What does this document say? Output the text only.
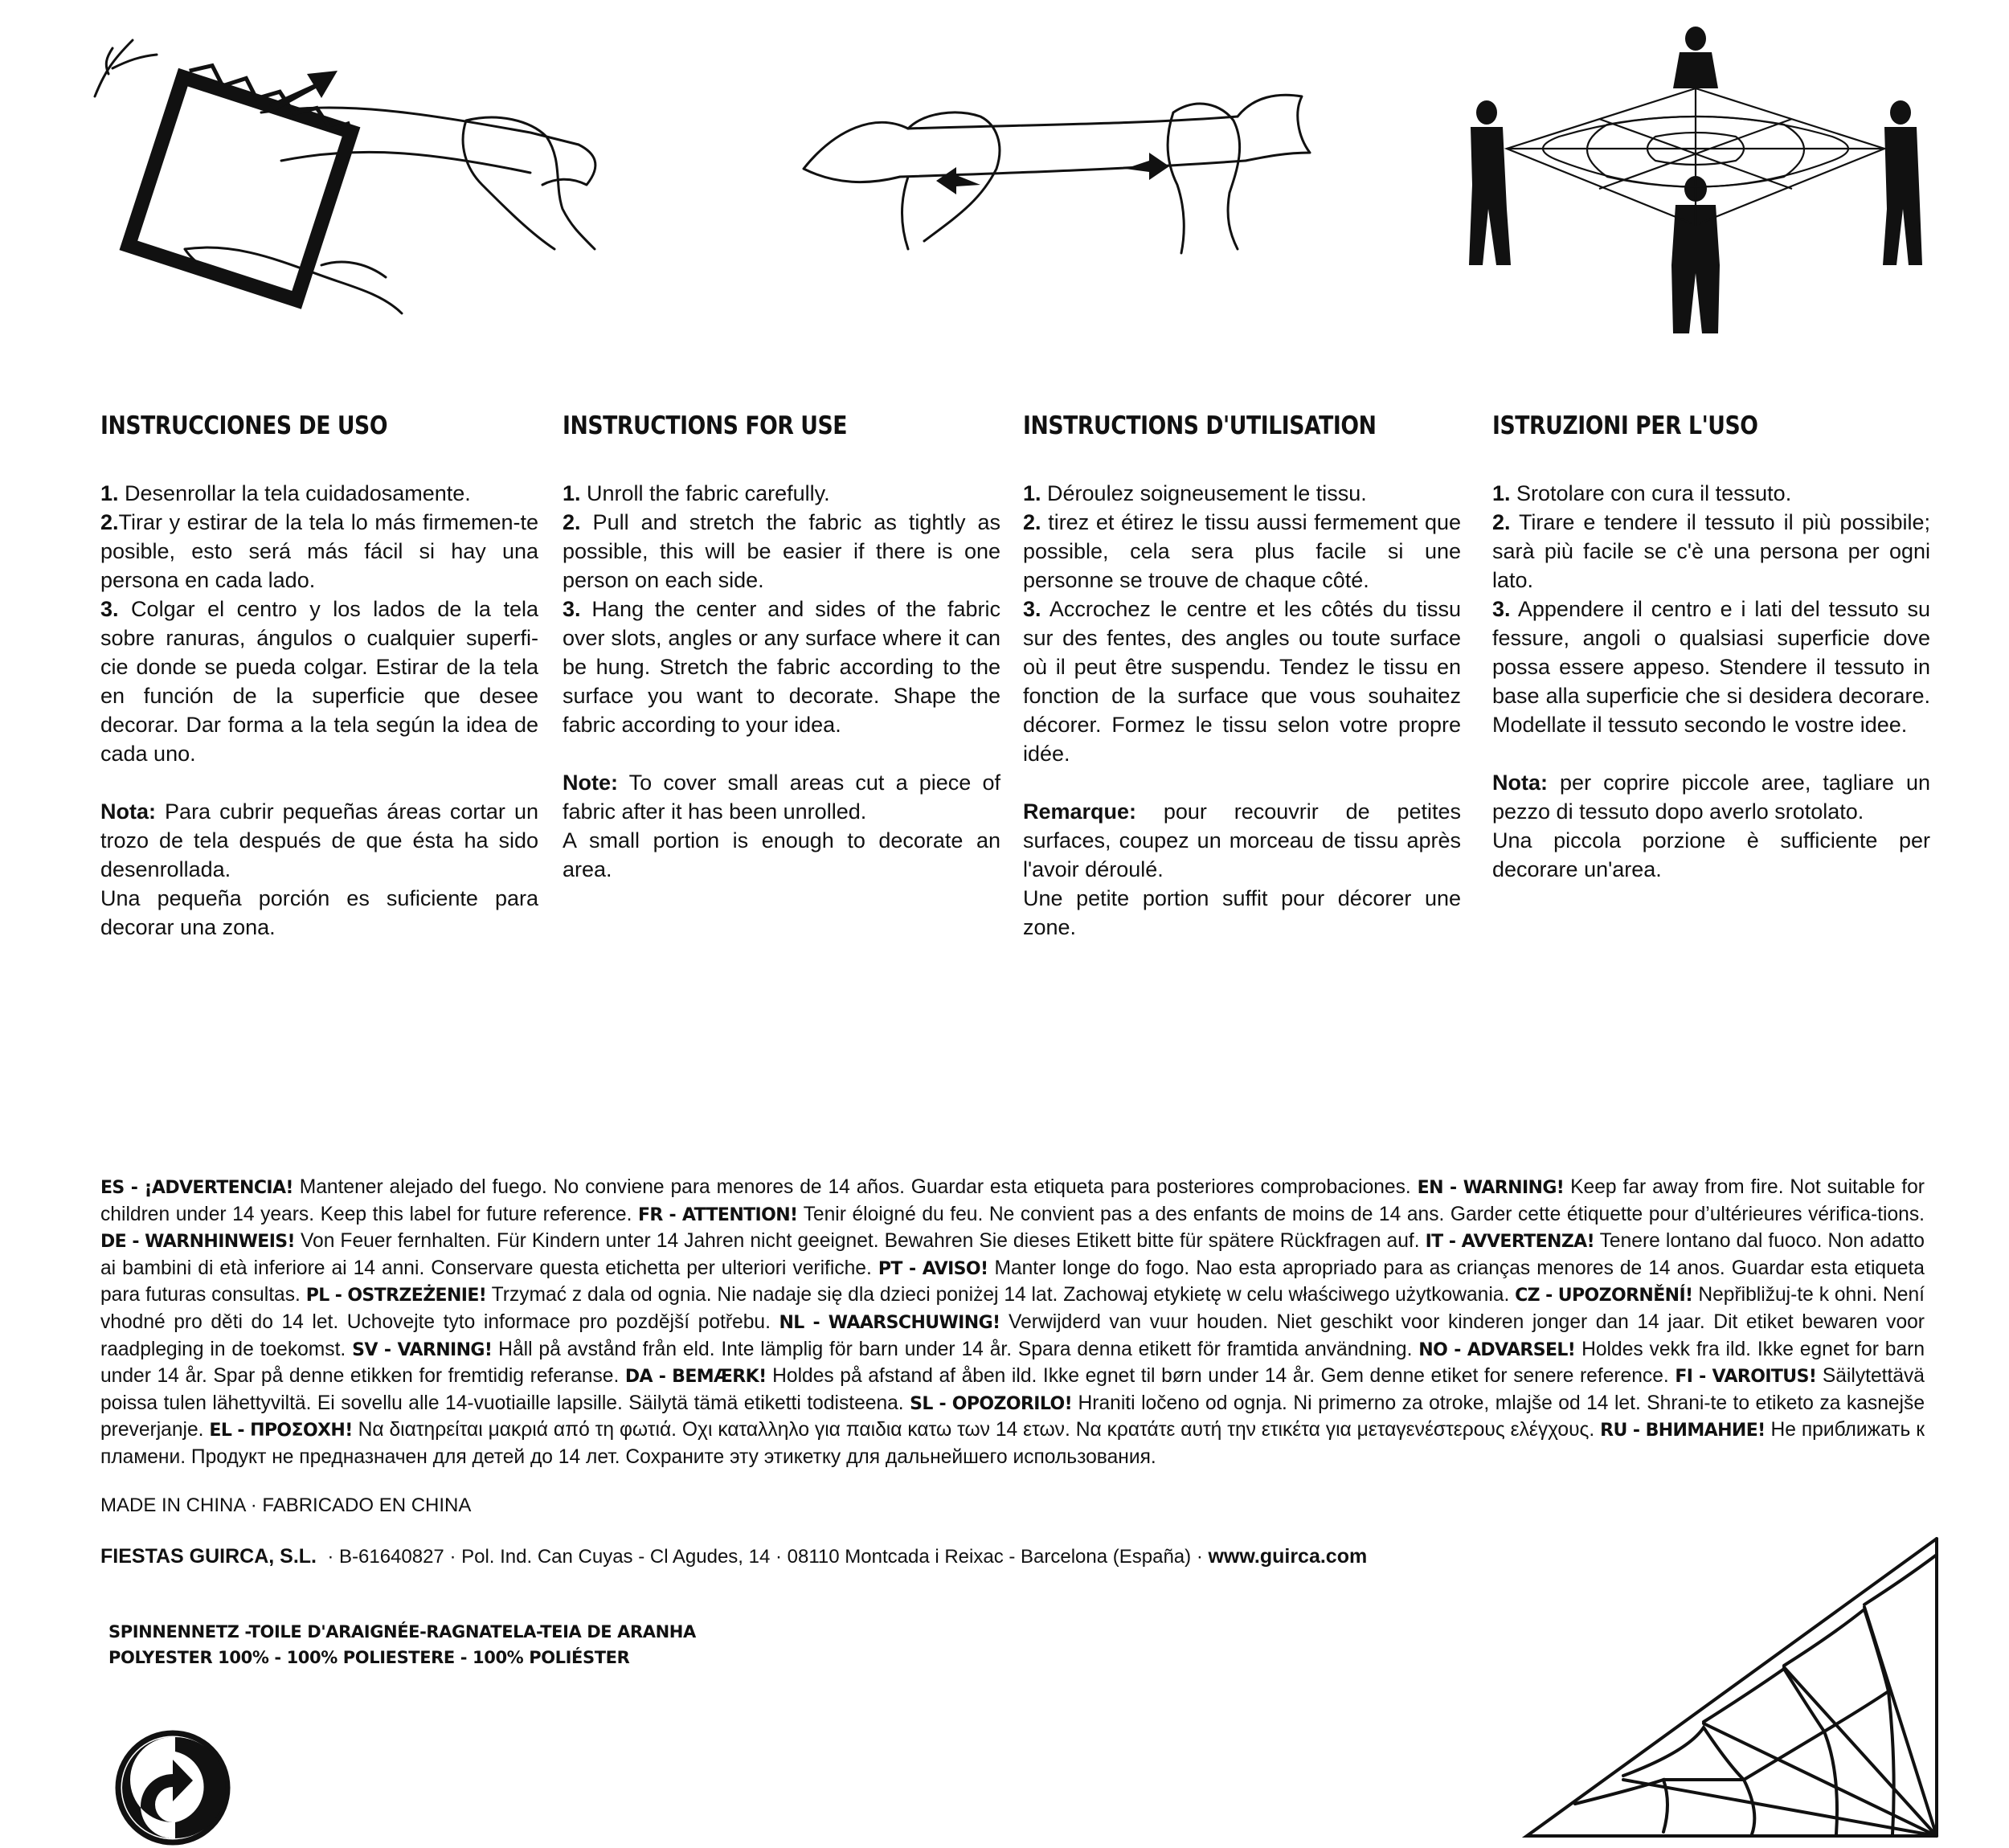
INSTRUCCIONES DE USO

1. Desenrollar la tela cuidadosamente.
2.Tirar y estirar de la tela lo más firmemen-te posible, esto será más fácil si hay una persona en cada lado.
3. Colgar el centro y los lados de la tela sobre ranuras, ángulos o cualquier superfi-cie donde se pueda colgar. Estirar de la tela en función de la superficie que desee decorar. Dar forma a la tela según la idea de cada uno.

Nota: Para cubrir pequeñas áreas cortar un trozo de tela después de que ésta ha sido desenrollada.
Una pequeña porción es suficiente para decorar una zona.

INSTRUCTIONS FOR USE

1. Unroll the fabric carefully.
2. Pull and stretch the fabric as tightly as possible, this will be easier if there is one person on each side.
3. Hang the center and sides of the fabric over slots, angles or any surface where it can be hung. Stretch the fabric according to the surface you want to decorate. Shape the fabric according to your idea.

Note: To cover small areas cut a piece of fabric after it has been unrolled.
A small portion is enough to decorate an area.

INSTRUCTIONS D'UTILISATION

1. Déroulez soigneusement le tissu.
2. tirez et étirez le tissu aussi fermement que possible, cela sera plus facile si une personne se trouve de chaque côté.
3. Accrochez le centre et les côtés du tissu sur des fentes, des angles ou toute surface où il peut être suspendu. Tendez le tissu en fonction de la surface que vous souhaitez décorer. Formez le tissu selon votre propre idée.

Remarque: pour recouvrir de petites surfaces, coupez un morceau de tissu après l'avoir déroulé.
Une petite portion suffit pour décorer une zone.

ISTRUZIONI PER L'USO

1. Srotolare con cura il tessuto.
2. Tirare e tendere il tessuto il più possibile; sarà più facile se c'è una persona per ogni lato.
3. Appendere il centro e i lati del tessuto su fessure, angoli o qualsiasi superficie dove possa essere appeso. Stendere il tessuto in base alla superficie che si desidera decorare. Modellate il tessuto secondo le vostre idee.

Nota: per coprire piccole aree, tagliare un pezzo di tessuto dopo averlo srotolato.
Una piccola porzione è sufficiente per decorare un'area.

ES - ¡ADVERTENCIA! Mantener alejado del fuego. No conviene para menores de 14 años. Guardar esta etiqueta para posteriores comprobaciones. EN - WARNING! Keep far away from fire. Not suitable for children under 14 years. Keep this label for future reference. FR - ATTENTION! Tenir éloigné du feu. Ne convient pas a des enfants de moins de 14 ans. Garder cette étiquette pour d’ultérieures vérifica-tions. DE - WARNHINWEIS! Von Feuer fernhalten. Für Kindern unter 14 Jahren nicht geeignet. Bewahren Sie dieses Etikett bitte für spätere Rückfragen auf. IT - AVVERTENZA! Tenere lontano dal fuoco. Non adatto ai bambini di età inferiore ai 14 anni. Conservare questa etichetta per ulteriori verifiche. PT - AVISO! Manter longe do fogo. Nao esta apropriado para as crianças menores de 14 anos. Guardar esta etiqueta para futuras consultas. PL - OSTRZEŻENIE! Trzymać z dala od ognia. Nie nadaje się dla dzieci poniżej 14 lat. Zachowaj etykietę w celu właściwego użytkowania. CZ - UPOZORNĚNÍ! Nepřibližuj-te k ohni. Není vhodné pro děti do 14 let. Uchovejte tyto informace pro pozdější potřebu. NL - WAARSCHUWING! Verwijderd van vuur houden. Niet geschikt voor kinderen jonger dan 14 jaar. Dit etiket bewaren voor raadpleging in de toekomst. SV - VARNING! Håll på avstånd från eld. Inte lämplig för barn under 14 år. Spara denna etikett för framtida användning. NO - ADVARSEL! Holdes vekk fra ild. Ikke egnet for barn under 14 år. Spar på denne etikken for fremtidig referanse. DA - BEMÆRK! Holdes på afstand af åben ild. Ikke egnet til børn under 14 år. Gem denne etiket for senere reference. FI - VAROITUS! Säilytettävä poissa tulen lähettyviltä. Ei sovellu alle 14-vuotiaille lapsille. Säilytä tämä etiketti todisteena. SL - OPOZORILO! Hraniti ločeno od ognja. Ni primerno za otroke, mlajše od 14 let. Shrani-te to etiketo za kasnejše preverjanje. EL - ΠΡΟΣΟΧΗ! Να διατηρείται μακριά από τη φωτιά. Οχι καταλληλο για παιδια κατω των 14 ετων. Να κρατάτε αυτή την ετικέτα για μεταγενέστερους ελέγχους. RU - ВНИМАНИЕ! Не приближать к пламени. Продукт не предназначен для детей до 14 лет. Сохраните эту этикетку для дальнейшего использования.
MADE IN CHINA · FABRICADO EN CHINA
FIESTAS GUIRCA, S.L.  · B-61640827 · Pol. Ind. Can Cuyas - Cl Agudes, 14 · 08110 Montcada i Reixac - Barcelona (España) · www.guirca.com
SPINNENNETZ -TOILE D'ARAIGNÉE-RAGNATELA-TEIA DE ARANHA
POLYESTER 100% - 100% POLIESTERE - 100% POLIÉSTER
